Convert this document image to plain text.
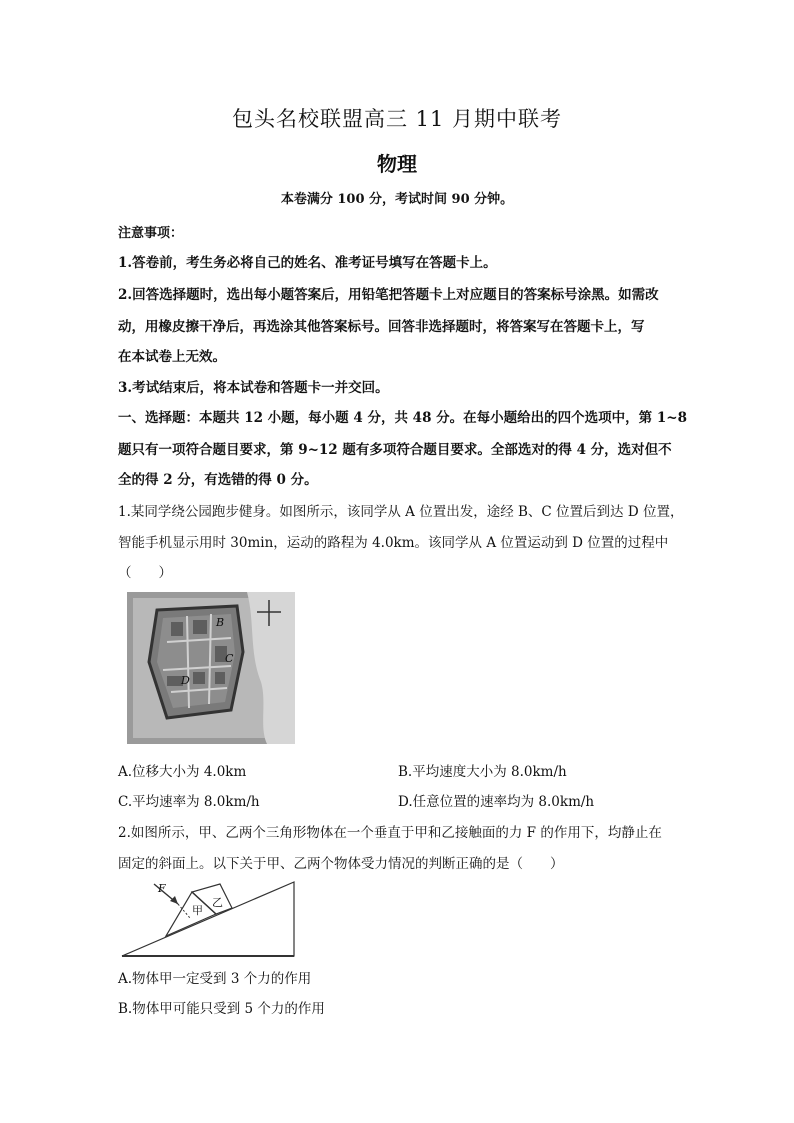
包头名校联盟高三 11 月期中联考
物理
本卷满分 100 分，考试时间 90 分钟。
注意事项：
1.答卷前，考生务必将自己的姓名、准考证号填写在答题卡上。
2.回答选择题时，选出每小题答案后，用铅笔把答题卡上对应题目的答案标号涂黑。如需改
动，用橡皮擦干净后，再选涂其他答案标号。回答非选择题时，将答案写在答题卡上，写
在本试卷上无效。
3.考试结束后，将本试卷和答题卡一并交回。
一、选择题：本题共 12 小题，每小题 4 分，共 48 分。在每小题给出的四个选项中，第 1~8
题只有一项符合题目要求，第 9~12 题有多项符合题目要求。全部选对的得 4 分，选对但不
全的得 2 分，有选错的得 0 分。
1.某同学绕公园跑步健身。如图所示，该同学从 A 位置出发，途经 B、C 位置后到达 D 位置，
智能手机显示用时 30min，运动的路程为 4.0km。该同学从 A 位置运动到 D 位置的过程中
（　　）
B
C
D
A.位移大小为 4.0km	B.平均速度大小为 8.0km/h
C.平均速率为 8.0km/h	D.任意位置的速率均为 8.0km/h
2.如图所示，甲、乙两个三角形物体在一个垂直于甲和乙接触面的力 F 的作用下，均静止在
固定的斜面上。以下关于甲、乙两个物体受力情况的判断正确的是（　　）
F
甲
乙
A.物体甲一定受到 3 个力的作用
B.物体甲可能只受到 5 个力的作用
